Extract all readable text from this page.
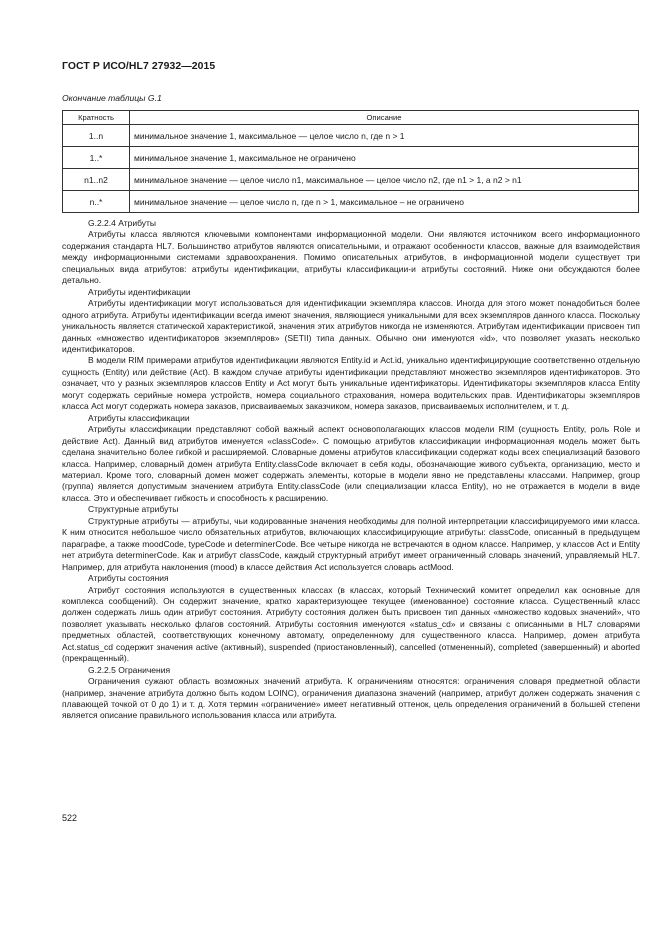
ГОСТ Р ИСО/HL7 27932—2015
Окончание таблицы G.1
Кратность	Описание
1..n	минимальное значение 1, максимальное — целое число n, где n > 1
1..*	минимальное значение 1, максимальное не ограничено
n1..n2	минимальное значение — целое число n1, максимальное — целое число n2, где n1 > 1, a n2 > n1
n..*	минимальное значение — целое число n, где n > 1, максимальное – не ограничено

G.2.2.4 Атрибуты

Атрибуты класса являются ключевыми компонентами информационной модели. Они являются источником всего информационного содержания стандарта HL7. Большинство атрибутов являются описательными, и отражают особенности классов, важные для взаимодействия между информационными системами здравоохранения. Помимо описательных атрибутов, в информационной модели существует три специальных вида атрибутов: атрибуты идентификации, атрибуты классификации-и атрибуты состояний. Ниже они обсуждаются более детально.

Атрибуты идентификации

Атрибуты идентификации могут использоваться для идентификации экземпляра классов. Иногда для этого может понадобиться более одного атрибута. Атрибуты идентификации всегда имеют значения, являющиеся уникальными для всех экземпляров данного класса. Поскольку уникальность является статической характеристикой, значения этих атрибутов никогда не изменяются. Атрибутам идентификации присвоен тип данных «множество идентификаторов экземпляров» (SETII) типа данных. Обычно они именуются «id», что позволяет указать несколько идентификаторов.

В модели RIM примерами атрибутов идентификации являются Entity.id и Act.id, уникально идентифицирующие соответственно отдельную сущность (Entity) или действие (Act). В каждом случае атрибуты идентификации представляют множество экземпляров идентификаторов. Это означает, что у разных экземпляров классов Entity и Act могут быть уникальные идентификаторы. Идентификаторы экземпляров класса Entity могут содержать серийные номера устройств, номера социального страхования, номера водительских прав. Идентификаторы экземпляров класса Act могут содержать номера заказов, присваиваемых заказчиком, номера заказов, присваиваемых исполнителем, и т. д.

Атрибуты классификации

Атрибуты классификации представляют собой важный аспект основополагающих классов модели RIM (сущность Entity, роль Role и действие Act). Данный вид атрибутов именуется «classCode». С помощью атрибутов классификации информационная модель может быть сделана значительно более гибкой и расширяемой. Словарные домены атрибутов классификации содержат коды всех специализаций базового класса. Например, словарный домен атрибута Entity.classCode включает в себя коды, обозначающие живого субъекта, организацию, место и материал. Кроме того, словарный домен может содержать элементы, которые в модели явно не представлены классами. Например, group (группа) является допустимым значением атрибута Entity.classCode (или специализации класса Entity), но не отражается в модели в виде класса. Это и обеспечивает гибкость и способность к расширению.

Структурные атрибуты

Структурные атрибуты — атрибуты, чьи кодированные значения необходимы для полной интерпретации классифицируемого ими класса. К ним относится небольшое число обязательных атрибутов, включающих классифицирующие атрибуты: classCode, описанный в предыдущем параграфе, а также moodCode, typeCode и determinerCode. Все четыре никогда не встречаются в одном классе. Например, у классов Act и Entity нет атрибута determinerCode. Как и атрибут classCode, каждый структурный атрибут имеет ограниченный словарь значений, управляемый HL7. Например, для атрибута наклонения (mood) в классе действия Act используется словарь actMood.

Атрибуты состояния

Атрибут состояния используются в существенных классах (в классах, который Технический комитет определил как основные для комплекса сообщений). Он содержит значение, кратко характеризующее текущее (именованное) состояние класса. Существенный класс должен содержать лишь один атрибут состояния. Атрибуту состояния должен быть присвоен тип данных «множество кодовых значений», что позволяет указывать несколько флагов состояний. Атрибуты состояния именуются «status_cd» и связаны с описанными в HL7 словарями предметных областей, соответствующих конечному автомату, определенному для существенного класса. Например, домен атрибута Act.status_cd содержит значения active (активный), suspended (приостановленный), cancelled (отмененный), completed (завершенный) и aborted (прекращенный).

G.2.2.5 Ограничения

Ограничения сужают область возможных значений атрибута. К ограничениям относятся: ограничения словаря предметной области (например, значение атрибута должно быть кодом LOINC), ограничения диапазона значений (например, атрибут должен содержать значения с плавающей точкой от 0 до 1) и т. д. Хотя термин «ограничение» имеет негативный оттенок, цель определения ограничений в большей степени является описание правильного использования класса или атрибута.

522
